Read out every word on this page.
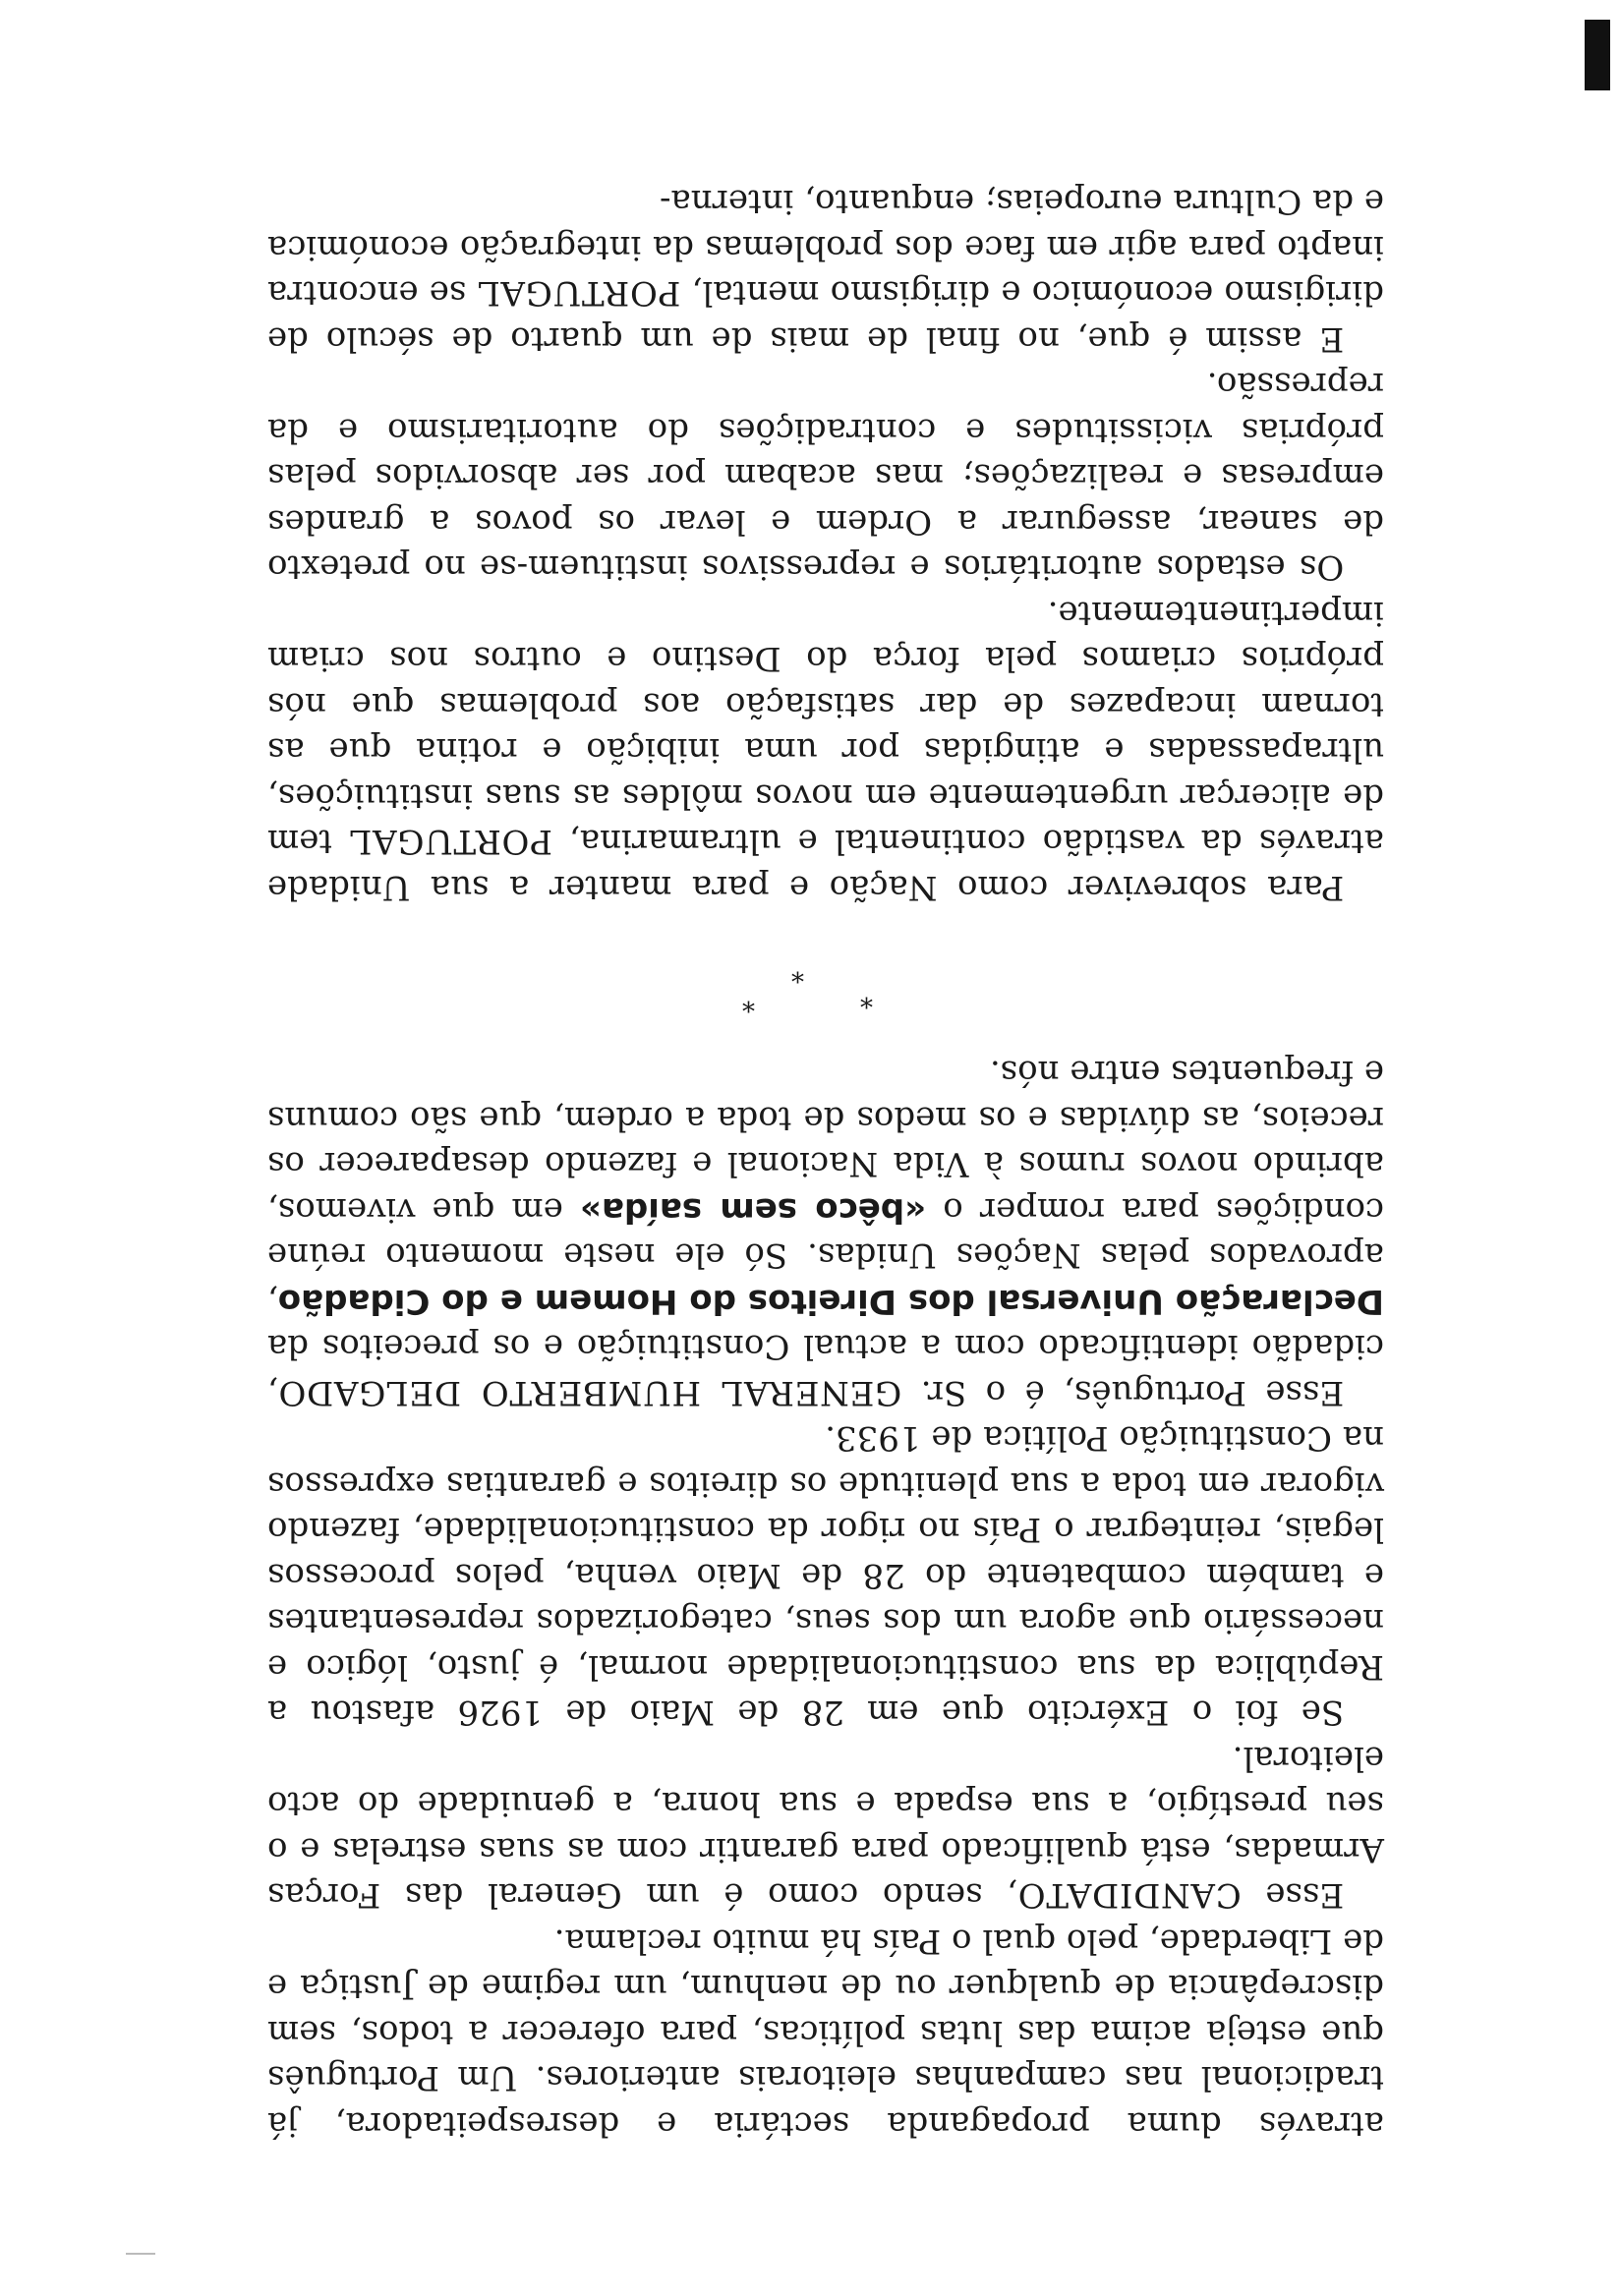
através duma propaganda sectária e desrespeitadora, já tradicional nas campanhas eleitorais anteriores. Um Português que esteja acima das lutas políticas, para oferecer a todos, sem discrepância de qualquer ou de nenhum, um regime de Justiça e de Liberdade, pelo qual o País há muito reclama.

Esse CANDIDATO, sendo como é um General das Forças Armadas, está qualificado para garantir com as suas estrelas e o seu prestígio, a sua espada e sua honra, a genuidade do acto eleitoral.

Se foi o Exército que em 28 de Maio de 1926 afastou a República da sua constitucionalidade normal, é justo, lógico e necessário que agora um dos seus, categorizados representantes e também combatente do 28 de Maio venha, pelos processos legais, reintegrar o País no rigor da constitucionalidade, fazendo vigorar em toda a sua plenitude os direitos e garantias expressos na Constituição Política de 1933.

Esse Português, é o Sr. GENERAL HUMBERTO DELGADO, cidadão identificado com a actual Constituição e os preceitos da Declaração Universal dos Direitos do Homem e do Cidadão, aprovados pelas Nações Unidas. Só ele neste momento reúne condições para romper o «bêco sem saída» em que vivemos, abrindo novos rumos à Vida Nacional e fazendo desaparecer os receios, as dúvidas e os medos de toda a ordem, que são comuns e frequentes entre nós.

*
*
*

Para sobreviver como Nação e para manter a sua Unidade através da vastidão continental e ultramarina, PORTUGAL tem de alicerçar urgentemente em novos môldes as suas instituições, ultrapassadas e atingidas por uma inibição e rotina que as tornam incapazes de dar satisfação aos problemas que nós próprios criamos pela força do Destino e outros nos criam impertinentemente.

Os estados autoritários e repressivos instituem-se no pretexto de sanear, assegurar a Ordem e levar os povos a grandes empresas e realizações; mas acabam por ser absorvidos pelas próprias vicissitudes e contradições do autoritarismo e da repressão.

E assim é que, no final de mais de um quarto de século de dirigismo económico e dirigismo mental, PORTUGAL se encontra inapto para agir em face dos problemas da integração económica e da Cultura europeias; enquanto, interna-
